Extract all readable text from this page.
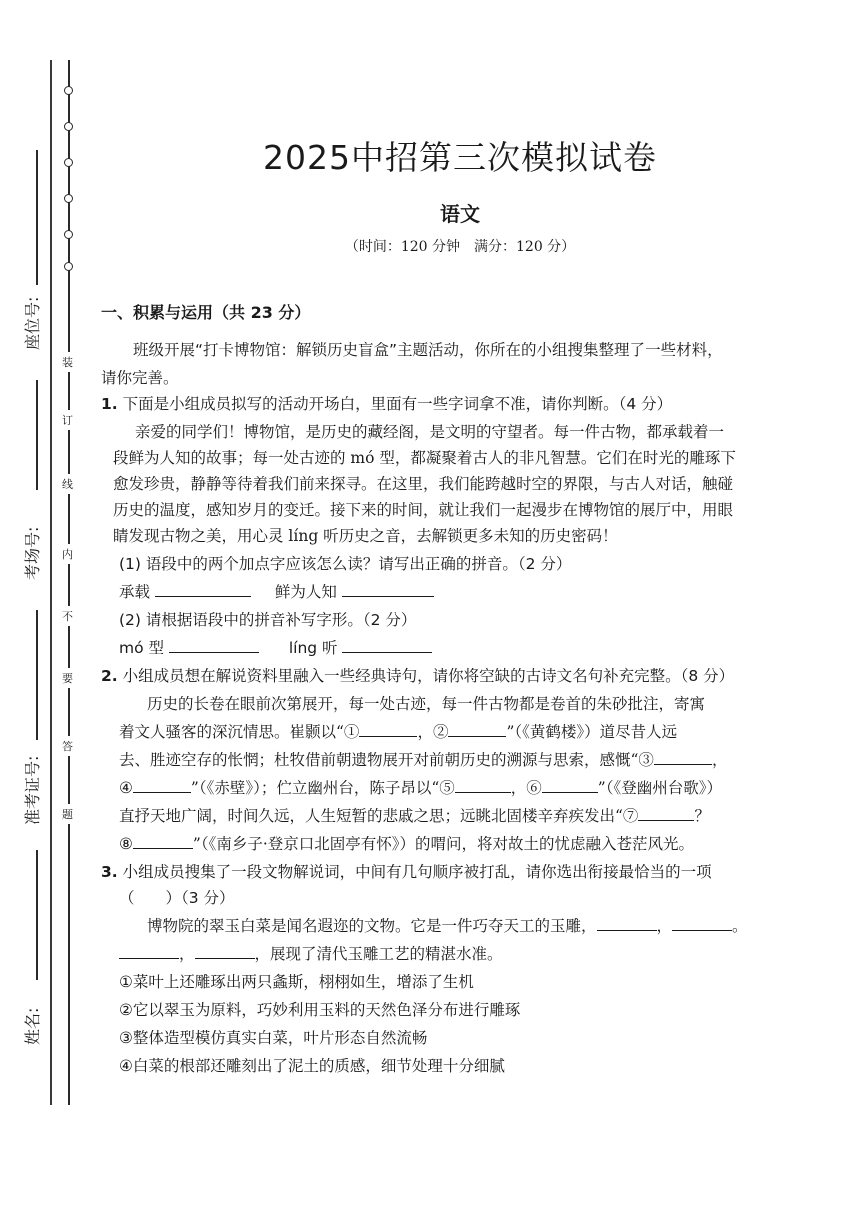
装
订
线
内
不
要
答
题
座位号:
考场号:
准考证号:
姓名:
2025中招第三次模拟试卷
语文
（时间：120 分钟　满分：120 分）
一、积累与运用（共 23 分）
班级开展“打卡博物馆：解锁历史盲盒”主题活动，你所在的小组搜集整理了一些材料，
请你完善。
1. 下面是小组成员拟写的活动开场白，里面有一些字词拿不准，请你判断。（4 分）
亲爱的同学们！博物馆，是历史的藏经阁，是文明的守望者。每一件古物，都承载着一
段鲜为人知的故事；每一处古迹的 mó 型，都凝聚着古人的非凡智慧。它们在时光的雕琢下
愈发珍贵，静静等待着我们前来探寻。在这里，我们能跨越时空的界限，与古人对话，触碰
历史的温度，感知岁月的变迁。接下来的时间，就让我们一起漫步在博物馆的展厅中，用眼
睛发现古物之美，用心灵 líng 听历史之音，去解锁更多未知的历史密码！
(1) 语段中的两个加点字应该怎么读？请写出正确的拼音。（2 分）
承载	鲜为人知
(2) 请根据语段中的拼音补写字形。（2 分）
mó 型	líng 听
2. 小组成员想在解说资料里融入一些经典诗句，请你将空缺的古诗文名句补充完整。（8 分）
历史的长卷在眼前次第展开，每一处古迹，每一件古物都是卷首的朱砂批注，寄寓
着文人骚客的深沉情思。崔颢以“①	，②	”（《黄鹤楼》）道尽昔人远
去、胜迹空存的怅惘；杜牧借前朝遗物展开对前朝历史的溯源与思索，感慨“③	，
④	”（《赤壁》）；伫立幽州台，陈子昂以“⑤	，⑥	”（《登幽州台歌》）
直抒天地广阔，时间久远，人生短暂的悲戚之思；远眺北固楼辛弃疾发出“⑦	？
⑧	”（《南乡子·登京口北固亭有怀》）的喟问，将对故土的忧虑融入苍茫风光。
3. 小组成员搜集了一段文物解说词，中间有几句顺序被打乱，请你选出衔接最恰当的一项
（　　）（3 分）
博物院的翠玉白菜是闻名遐迩的文物。它是一件巧夺天工的玉雕，	，	。
，	，展现了清代玉雕工艺的精湛水准。
①菜叶上还雕琢出两只螽斯，栩栩如生，增添了生机
②它以翠玉为原料，巧妙利用玉料的天然色泽分布进行雕琢
③整体造型模仿真实白菜，叶片形态自然流畅
④白菜的根部还雕刻出了泥土的质感，细节处理十分细腻
